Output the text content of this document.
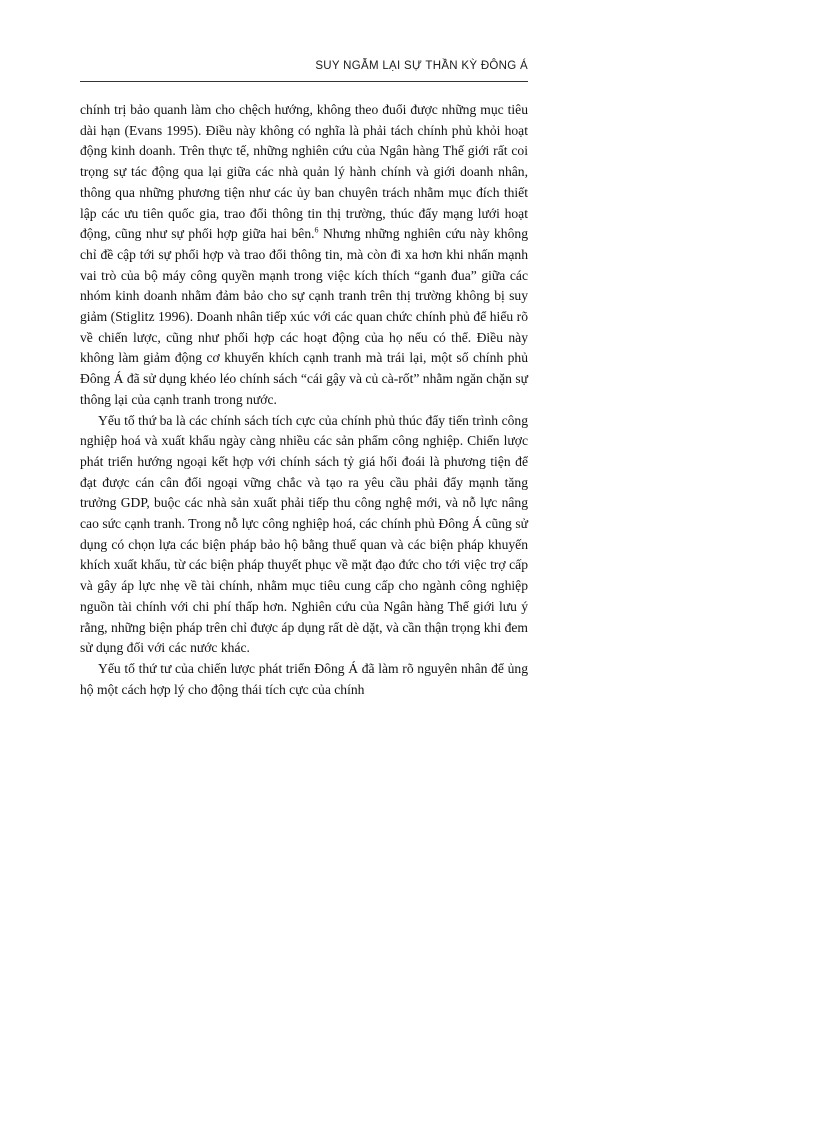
SUY NGẪM LẠI SỰ THẦN KỲ ĐÔNG Á

chính trị bảo quanh làm cho chệch hướng, không theo đuổi được những mục tiêu dài hạn (Evans 1995). Điều này không có nghĩa là phải tách chính phủ khỏi hoạt động kinh doanh. Trên thực tế, những nghiên cứu của Ngân hàng Thế giới rất coi trọng sự tác động qua lại giữa các nhà quản lý hành chính và giới doanh nhân, thông qua những phương tiện như các ủy ban chuyên trách nhằm mục đích thiết lập các ưu tiên quốc gia, trao đổi thông tin thị trường, thúc đẩy mạng lưới hoạt động, cũng như sự phối hợp giữa hai bên.$^6$ Nhưng những nghiên cứu này không chỉ đề cập tới sự phối hợp và trao đổi thông tin, mà còn đi xa hơn khi nhấn mạnh vai trò của bộ máy công quyền mạnh trong việc kích thích “ganh đua” giữa các nhóm kinh doanh nhằm đảm bảo cho sự cạnh tranh trên thị trường không bị suy giảm (Stiglitz 1996). Doanh nhân tiếp xúc với các quan chức chính phủ để hiểu rõ về chiến lược, cũng như phối hợp các hoạt động của họ nếu có thể. Điều này không làm giảm động cơ khuyến khích cạnh tranh mà trái lại, một số chính phủ Đông Á đã sử dụng khéo léo chính sách “cái gậy và củ cà-rốt” nhằm ngăn chặn sự thông lại của cạnh tranh trong nước.

Yếu tố thứ ba là các chính sách tích cực của chính phủ thúc đẩy tiến trình công nghiệp hoá và xuất khẩu ngày càng nhiều các sản phẩm công nghiệp. Chiến lược phát triển hướng ngoại kết hợp với chính sách tỷ giá hối đoái là phương tiện để đạt được cán cân đối ngoại vững chắc và tạo ra yêu cầu phải đẩy mạnh tăng trưởng GDP, buộc các nhà sản xuất phải tiếp thu công nghệ mới, và nỗ lực nâng cao sức cạnh tranh. Trong nỗ lực công nghiệp hoá, các chính phủ Đông Á cũng sử dụng có chọn lựa các biện pháp bảo hộ bằng thuế quan và các biện pháp khuyến khích xuất khẩu, từ các biện pháp thuyết phục về mặt đạo đức cho tới việc trợ cấp và gây áp lực nhẹ về tài chính, nhằm mục tiêu cung cấp cho ngành công nghiệp nguồn tài chính với chi phí thấp hơn. Nghiên cứu của Ngân hàng Thế giới lưu ý rằng, những biện pháp trên chỉ được áp dụng rất dè dặt, và cần thận trọng khi đem sử dụng đối với các nước khác.

Yếu tố thứ tư của chiến lược phát triển Đông Á đã làm rõ nguyên nhân để ủng hộ một cách hợp lý cho động thái tích cực của chính
